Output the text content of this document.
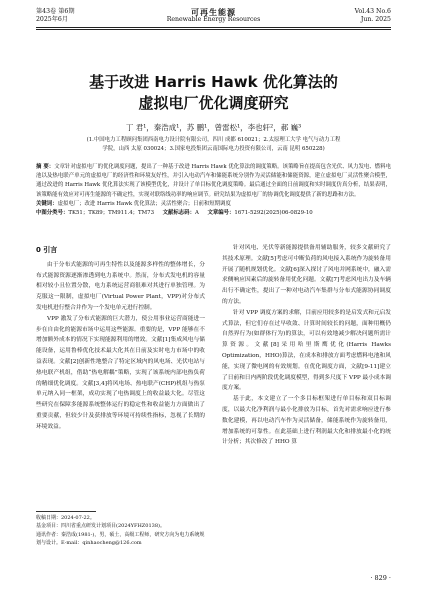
第43卷 第6期
2025年6月
可再生能源
Renewable Energy Resources
Vol.43 No.6
Jun. 2025
基于改进 Harris Hawk 优化算法的
虚拟电厂优化调度研究
丁 君¹，秦浩成¹，苏 鹏¹，曾雷松¹，李也轩²，郝 巍³
(1.中国电力工程顾问集团西南电力设计院有限公司，四川 成都 610021；2.太原理工大学 电气与动力工程
学院，山西 太原 030024；3.国家电投集团云南国际电力投资有限公司，云南 昆明 650228)
摘 要：文章针对虚拟电厂的优化调度问题，提出了一种基于改进 Harris Hawk 优化算法的调度策略。该策略旨在提高包含光伏、风力发电、燃料电池以及热电联产单元的虚拟电厂的经济性和环境友好性，并引入电动汽车和储能系统分别作为灵活储能和储能资源，建立虚拟电厂灵活性聚合模型，通过改进的 Harris Hawk 优化算法实现了该模型优化，并设计了单目标优化调度策略。最后通过全面的日前调度和实时调度仿真分析，结果表明，该策略能有效应对可再生能源的不确定性，实现对联络线功率的响应调节。研究结果为虚拟电厂的协调优化调度提供了新的思路和方法。
关键词：虚拟电厂；改进 Harris Hawk 优化算法；灵活性聚合；日前和短期调度
中图分类号：TK51；TK89；TM911.4；TM73 文献标志码：A 文章编号：1671-5292(2025)06-0829-10
0 引言

由于分布式能源的可再生特性以及能源多样性的整体增长，分布式能源资源逐渐渗透到电力系统中。然而，分布式发电机的容量相对较小且位置分散，电力系统运营商很难对其进行单独管理。为克服这一限制，虚拟电厂(Virtual Power Plant，VPP)对分布式发电机进行整合并作为一个发电单元进行控制。

VPP 激发了分布式能源的巨大潜力，使公用事业运营商能进一步在自由化的能源市场中运用这些能源。重要的是，VPP 能够在不增加额外成本的情况下实现能源利用的增效。文献[1]集成风电与储能设备，运用鲁棒优化技术最大化其在日前及实时电力市场中的收益表现。文献[2]创新性地整合了特定区域内的风电场、光伏电站与热电联产机组，借助“热电解耦”策略，实现了该系统内部电热负荷的精细优化调度。文献[3,4]将风电场、热电联产(CHP)机组与热泵单元纳入同一框架，成功实现了电热调度上的收益最大化。尽管这些研究在保障多能源系统整体运行的稳定性和收益能力方面做出了重要贡献，但较少计及获排放等环境可持续性指标，忽视了长期的环境效益。

针对风电、光伏等新能源提供备用辅助服务，较多文献研究了其技术原理。文献[5]考虑可中断负荷的风电接入系统作为旋转备用开展了随机规划优化。文献[6]深入探讨了风电并网系统中，融入需求侧响应因素后的旋转备用优化问题。文献[7]考虑风电出力及车辆出行不确定性，提出了一种对电动汽车集群与分布式能源协同调度的方法。

针对 VPP 调度方案的求解，目前应用较多的是启发式和元启发式算法，但它们存在过早收敛、计算时间较长的问题，面种用概仍自然界行为(如群体行为)的算法，可以有效地减少解决问题所需计算资源。文献[8]采用哈里斯鹰优化(Harris Hawks Optimization，HHO)算法，在成本和排放方面考虑燃料电池和风能，实现了微电网的有效规划。在优化调度方面，文献[9-11]建立了日前和日内两阶段优化调度模型，得到多尺度下 VPP 最小成本调度方案。

基于此，本文建立了一个多目标框架进行单目标和双目标调度，以最大化净利润与最小化排放为目标，首先对需求响应进行参数化建模，再以电动汽车作为灵活储备，储能系统作为旋转备用，增加系统的可靠性。在此基础上进行利润最大化和排放最小化的统计分析；其次修改了 HHO 算

收稿日期：2024-07-22。
基金项目：四川省重点研发计划项目(2024YFHZ0138)。
通讯作者：秦浩成(1981-)，男，硕士，高级工程师，研究方向为电力系统规划与设计。E-mail：qinhaocheng@126.com
· 829 ·
